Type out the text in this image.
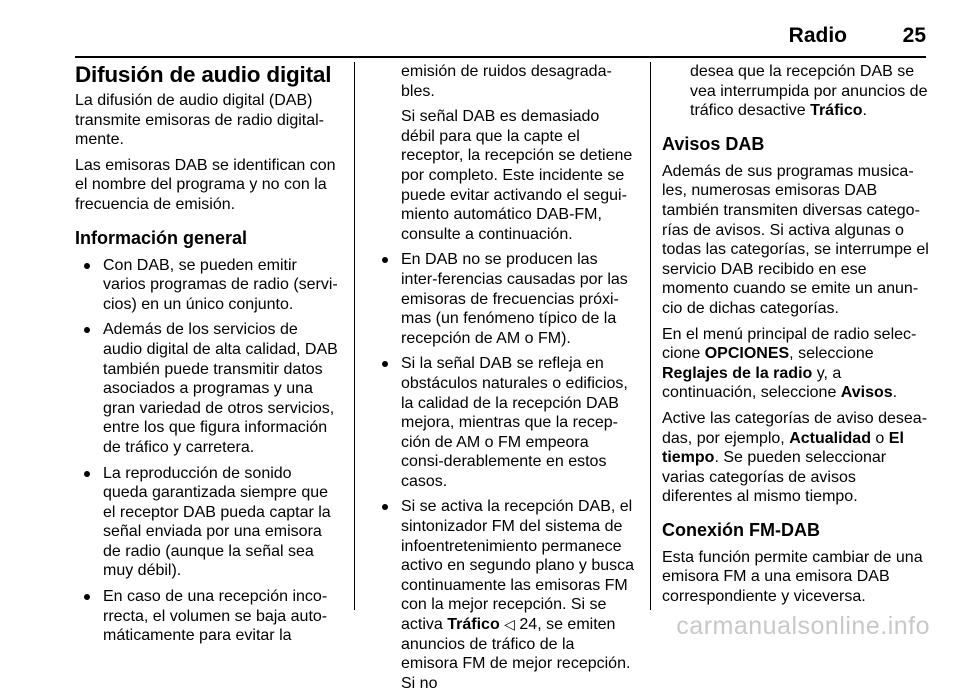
Radio	25
Difusión de audio digital

La difusión de audio digital (DAB) transmite emisoras de radio digital-mente.

Las emisoras DAB se identifican con el nombre del programa y no con la frecuencia de emisión.

Información general
Con DAB, se pueden emitir varios programas de radio (servi-cios) en un único conjunto.
Además de los servicios de audio digital de alta calidad, DAB también puede transmitir datos asociados a programas y una gran variedad de otros servicios, entre los que figura información de tráfico y carretera.
La reproducción de sonido queda garantizada siempre que el receptor DAB pueda captar la señal enviada por una emisora de radio (aunque la señal sea muy débil).
En caso de una recepción inco-rrecta, el volumen se baja auto-máticamente para evitar la

emisión de ruidos desagrada-bles.

Si señal DAB es demasiado débil para que la capte el receptor, la recepción se detiene por completo. Este incidente se puede evitar activando el segui-miento automático DAB-FM, consulte a continuación.

En DAB no se producen las inter-ferencias causadas por las emisoras de frecuencias próxi-mas (un fenómeno típico de la recepción de AM o FM).
Si la señal DAB se refleja en obstáculos naturales o edificios, la calidad de la recepción DAB mejora, mientras que la recep-ción de AM o FM empeora consi-derablemente en estos casos.
Si se activa la recepción DAB, el sintonizador FM del sistema de infoentretenimiento permanece activo en segundo plano y busca continuamente las emisoras FM con la mejor recepción. Si se activa Tráfico ◁ 24, se emiten anuncios de tráfico de la emisora FM de mejor recepción. Si no

desea que la recepción DAB se vea interrumpida por anuncios de tráfico desactive Tráfico.

Avisos DAB

Además de sus programas musica-les, numerosas emisoras DAB también transmiten diversas catego-rías de avisos. Si activa algunas o todas las categorías, se interrumpe el servicio DAB recibido en ese momento cuando se emite un anun-cio de dichas categorías.

En el menú principal de radio selec-cione OPCIONES, seleccione Reglajes de la radio y, a continuación, seleccione Avisos.

Active las categorías de aviso desea-das, por ejemplo, Actualidad o El tiempo. Se pueden seleccionar varias categorías de avisos diferentes al mismo tiempo.

Conexión FM-DAB

Esta función permite cambiar de una emisora FM a una emisora DAB correspondiente y viceversa.

carmanualsonline.info
